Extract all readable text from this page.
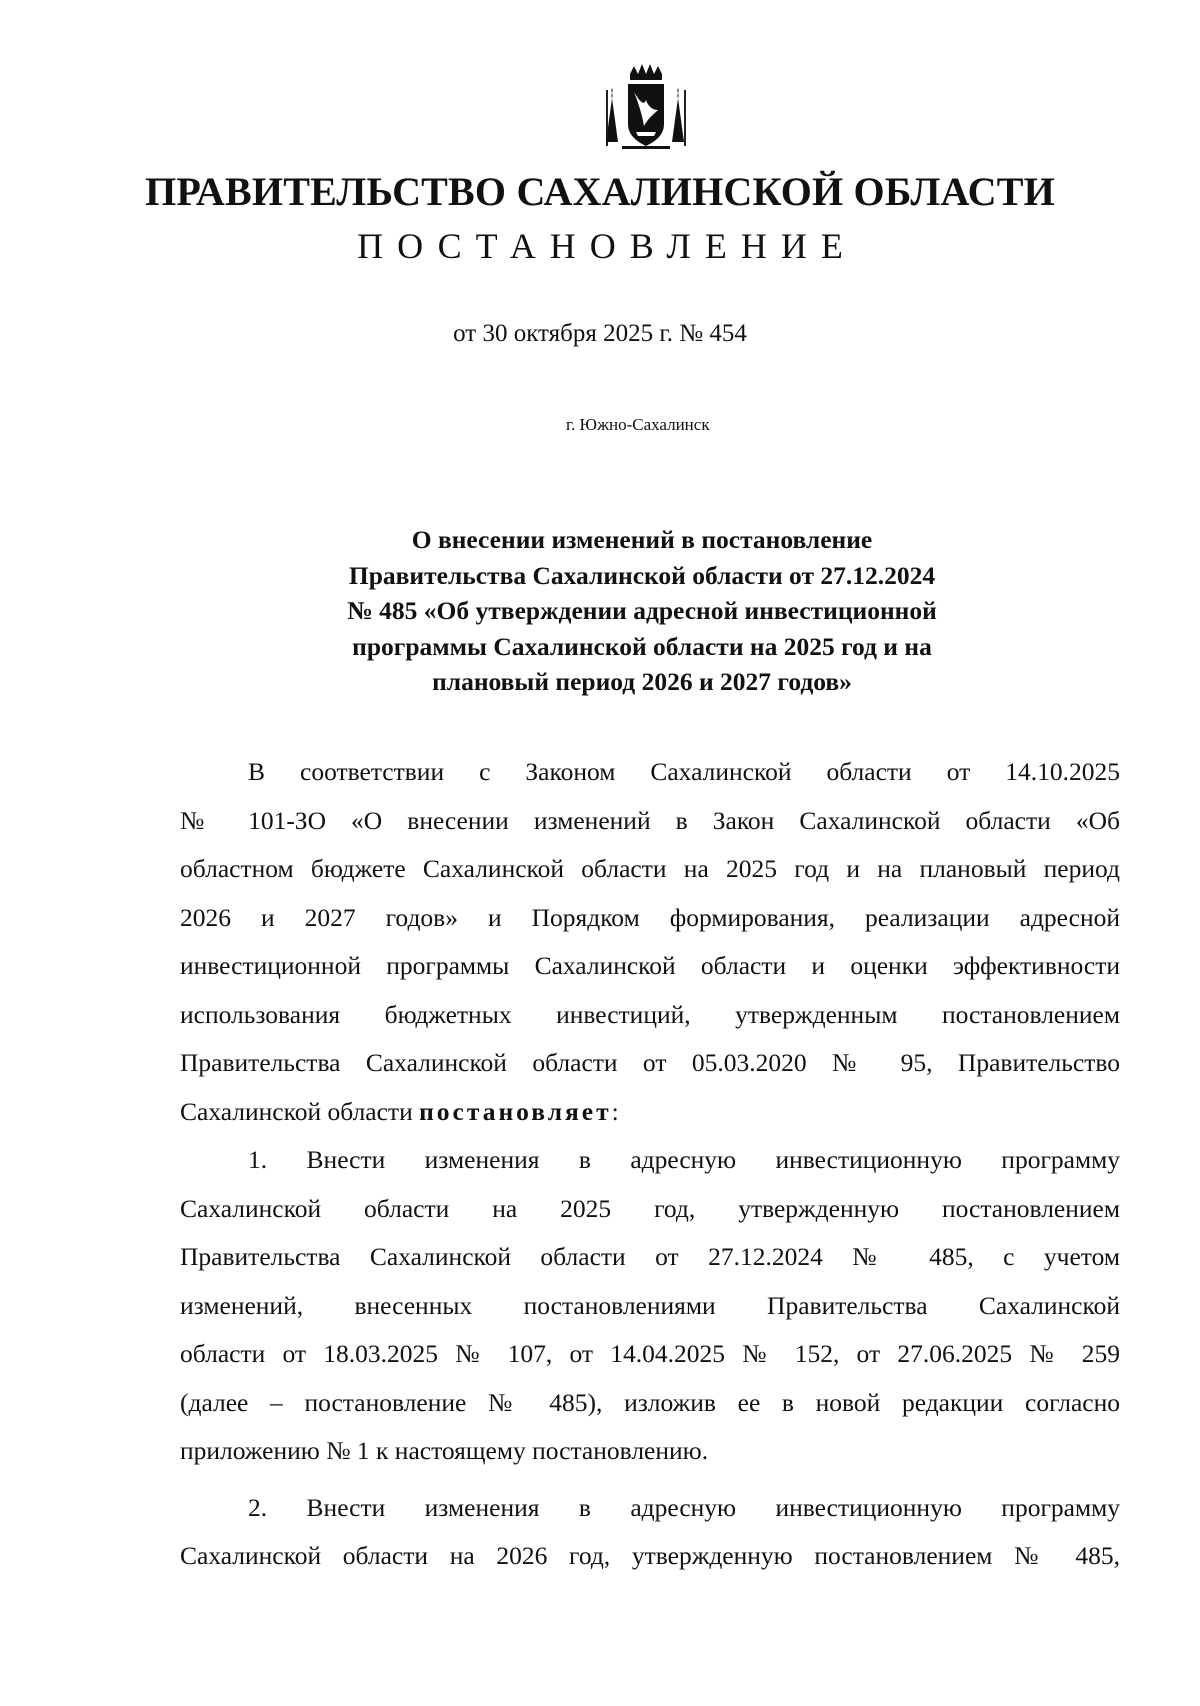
ПРАВИТЕЛЬСТВО САХАЛИНСКОЙ ОБЛАСТИ
ПОСТАНОВЛЕНИЕ
от 30 октября 2025 г. № 454
г. Южно-Сахалинск
О внесении изменений в постановление
Правительства Сахалинской области от 27.12.2024
№ 485 «Об утверждении адресной инвестиционной
программы Сахалинской области на 2025 год и на
плановый период 2026 и 2027 годов»
В соответствии с Законом Сахалинской области от 14.10.2025
№ 101-ЗО «О внесении изменений в Закон Сахалинской области «Об
областном бюджете Сахалинской области на 2025 год и на плановый период
2026 и 2027 годов» и Порядком формирования, реализации адресной
инвестиционной программы Сахалинской области и оценки эффективности
использования бюджетных инвестиций, утвержденным постановлением
Правительства Сахалинской области от 05.03.2020 № 95, Правительство
Сахалинской области постановляет:
1. Внести изменения в адресную инвестиционную программу
Сахалинской области на 2025 год, утвержденную постановлением
Правительства Сахалинской области от 27.12.2024 № 485, с учетом
изменений, внесенных постановлениями Правительства Сахалинской
области от 18.03.2025 № 107, от 14.04.2025 № 152, от 27.06.2025 № 259
(далее – постановление № 485), изложив ее в новой редакции согласно
приложению № 1 к настоящему постановлению.
2. Внести изменения в адресную инвестиционную программу
Сахалинской области на 2026 год, утвержденную постановлением № 485,
